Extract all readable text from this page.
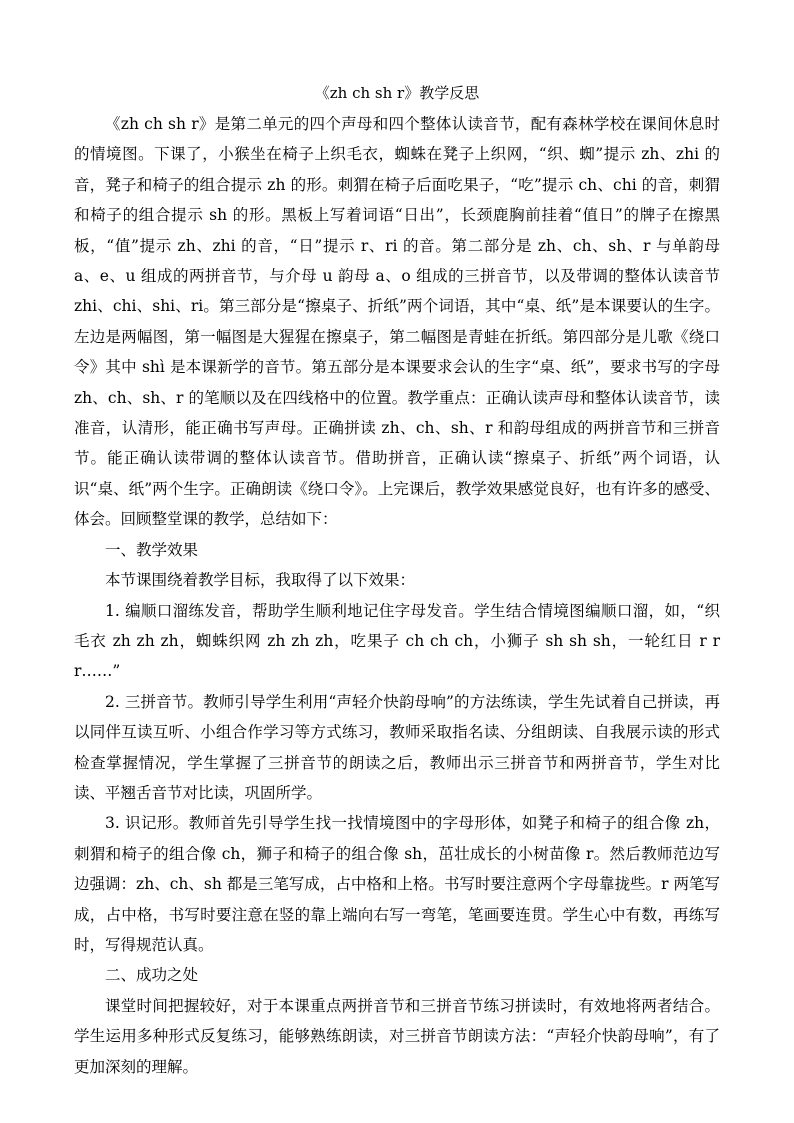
《zh ch sh r》教学反思

《zh ch sh r》是第二单元的四个声母和四个整体认读音节，配有森林学校在课间休息时的情境图。下课了，小猴坐在椅子上织毛衣，蜘蛛在凳子上织网，“织、蜘”提示 zh、zhi 的音，凳子和椅子的组合提示 zh 的形。刺猬在椅子后面吃果子，“吃”提示 ch、chi 的音，刺猬和椅子的组合提示 sh 的形。黑板上写着词语“日出”，长颈鹿胸前挂着“值日”的牌子在擦黑板，“值”提示 zh、zhi 的音，“日”提示 r、ri 的音。第二部分是 zh、ch、sh、r 与单韵母 a、e、u 组成的两拼音节，与介母 u 韵母 a、o 组成的三拼音节，以及带调的整体认读音节 zhi、chi、shi、ri。第三部分是“擦桌子、折纸”两个词语，其中“桌、纸”是本课要认的生字。左边是两幅图，第一幅图是大猩猩在擦桌子，第二幅图是青蛙在折纸。第四部分是儿歌《绕口令》其中 shì 是本课新学的音节。第五部分是本课要求会认的生字“桌、纸”，要求书写的字母 zh、ch、sh、r 的笔顺以及在四线格中的位置。教学重点：正确认读声母和整体认读音节，读准音，认清形，能正确书写声母。正确拼读 zh、ch、sh、r 和韵母组成的两拼音节和三拼音节。能正确认读带调的整体认读音节。借助拼音，正确认读“擦桌子、折纸”两个词语，认识“桌、纸”两个生字。正确朗读《绕口令》。上完课后，教学效果感觉良好，也有许多的感受、体会。回顾整堂课的教学，总结如下：

一、教学效果

本节课围绕着教学目标，我取得了以下效果：

1. 编顺口溜练发音，帮助学生顺利地记住字母发音。学生结合情境图编顺口溜，如，“织毛衣 zh zh zh，蜘蛛织网 zh zh zh，吃果子 ch ch ch，小狮子 sh sh sh，一轮红日 r r r……”

2. 三拼音节。教师引导学生利用“声轻介快韵母响”的方法练读，学生先试着自己拼读，再以同伴互读互听、小组合作学习等方式练习，教师采取指名读、分组朗读、自我展示读的形式检查掌握情况，学生掌握了三拼音节的朗读之后，教师出示三拼音节和两拼音节，学生对比读、平翘舌音节对比读，巩固所学。

3. 识记形。教师首先引导学生找一找情境图中的字母形体，如凳子和椅子的组合像 zh，刺猬和椅子的组合像 ch，狮子和椅子的组合像 sh，茁壮成长的小树苗像 r。然后教师范边写边强调：zh、ch、sh 都是三笔写成，占中格和上格。书写时要注意两个字母靠拢些。r 两笔写成，占中格，书写时要注意在竖的靠上端向右写一弯笔，笔画要连贯。学生心中有数，再练写时，写得规范认真。

二、成功之处

课堂时间把握较好，对于本课重点两拼音节和三拼音节练习拼读时，有效地将两者结合。学生运用多种形式反复练习，能够熟练朗读，对三拼音节朗读方法：“声轻介快韵母响”，有了更加深刻的理解。
